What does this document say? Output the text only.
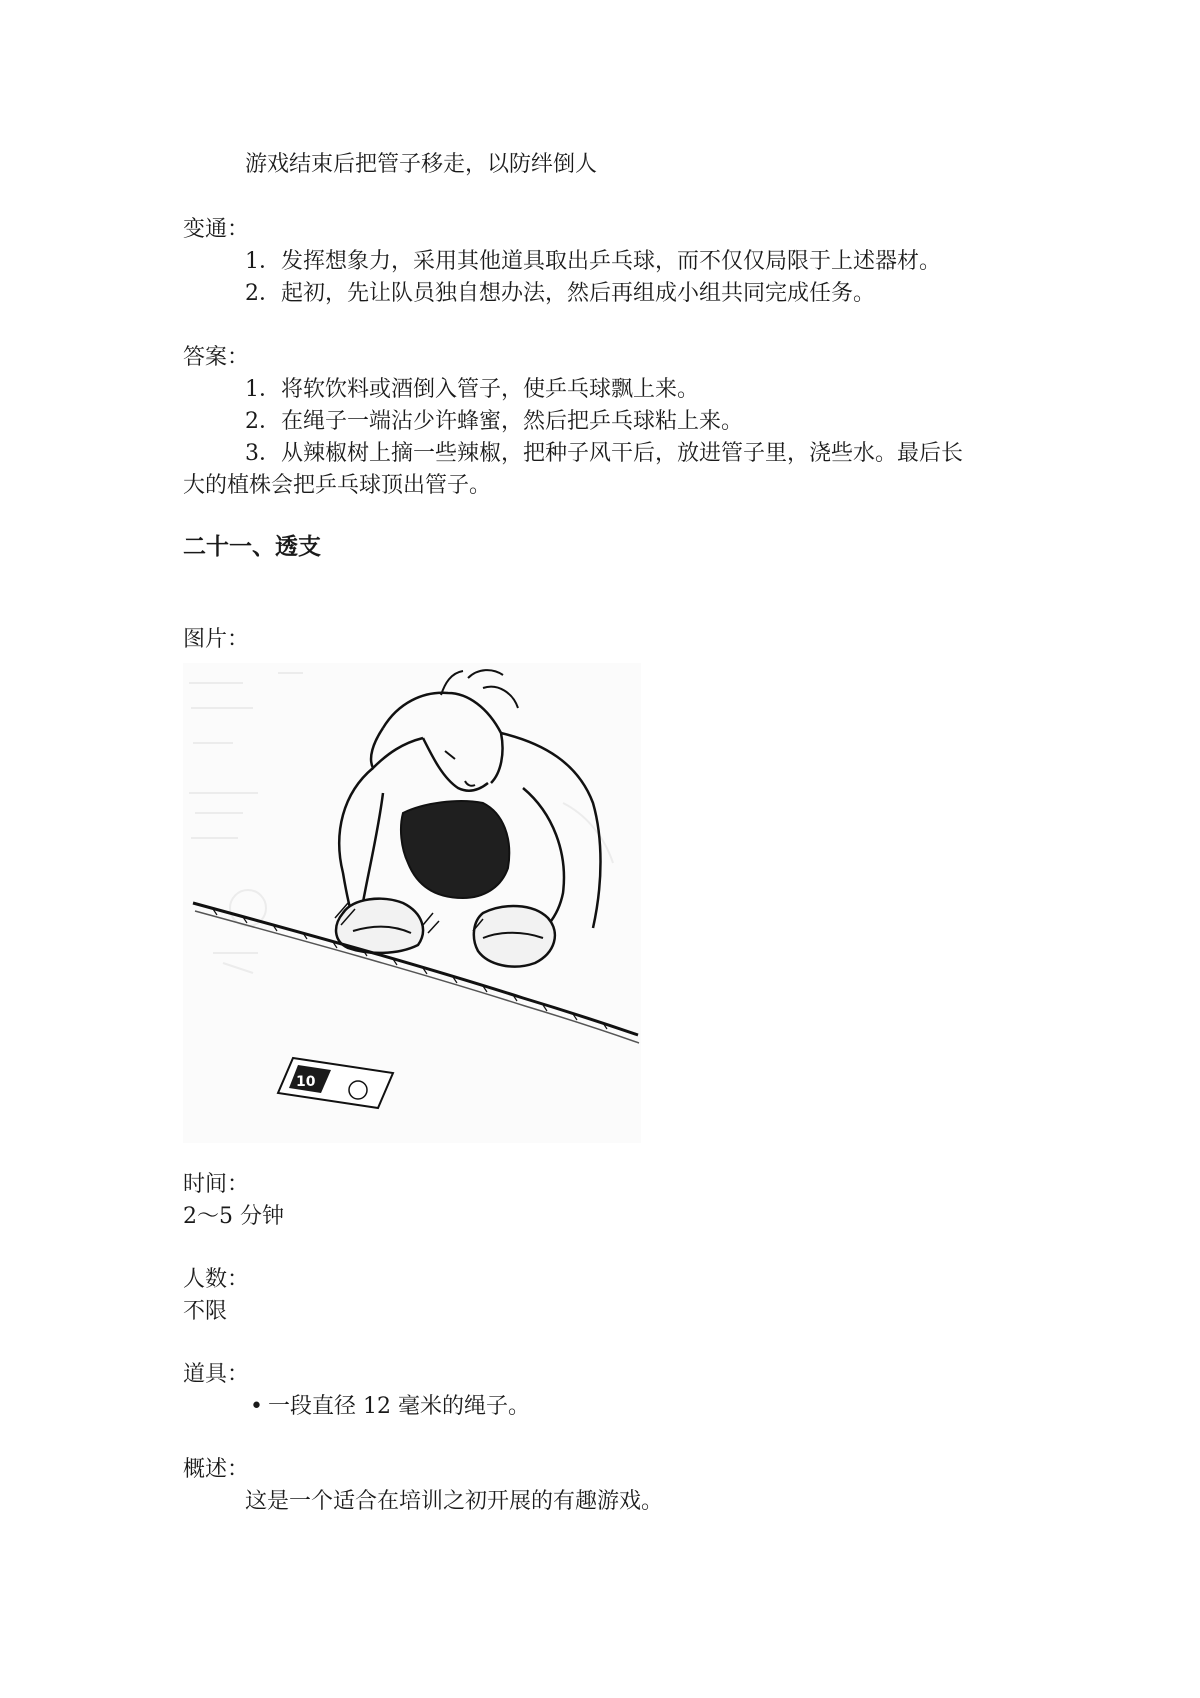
游戏结束后把管子移走，以防绊倒人

变通：

1．发挥想象力，采用其他道具取出乒乓球，而不仅仅局限于上述器材。

2．起初，先让队员独自想办法，然后再组成小组共同完成任务。

答案：

1．将软饮料或酒倒入管子，使乒乓球飘上来。

2．在绳子一端沾少许蜂蜜，然后把乒乓球粘上来。

3．从辣椒树上摘一些辣椒，把种子风干后，放进管子里，浇些水。最后长

大的植株会把乒乓球顶出管子。

二十一、透支

图片：

10

时间：

2～5 分钟

人数：

不限

道具：

• 一段直径 12 毫米的绳子。

概述：

这是一个适合在培训之初开展的有趣游戏。
